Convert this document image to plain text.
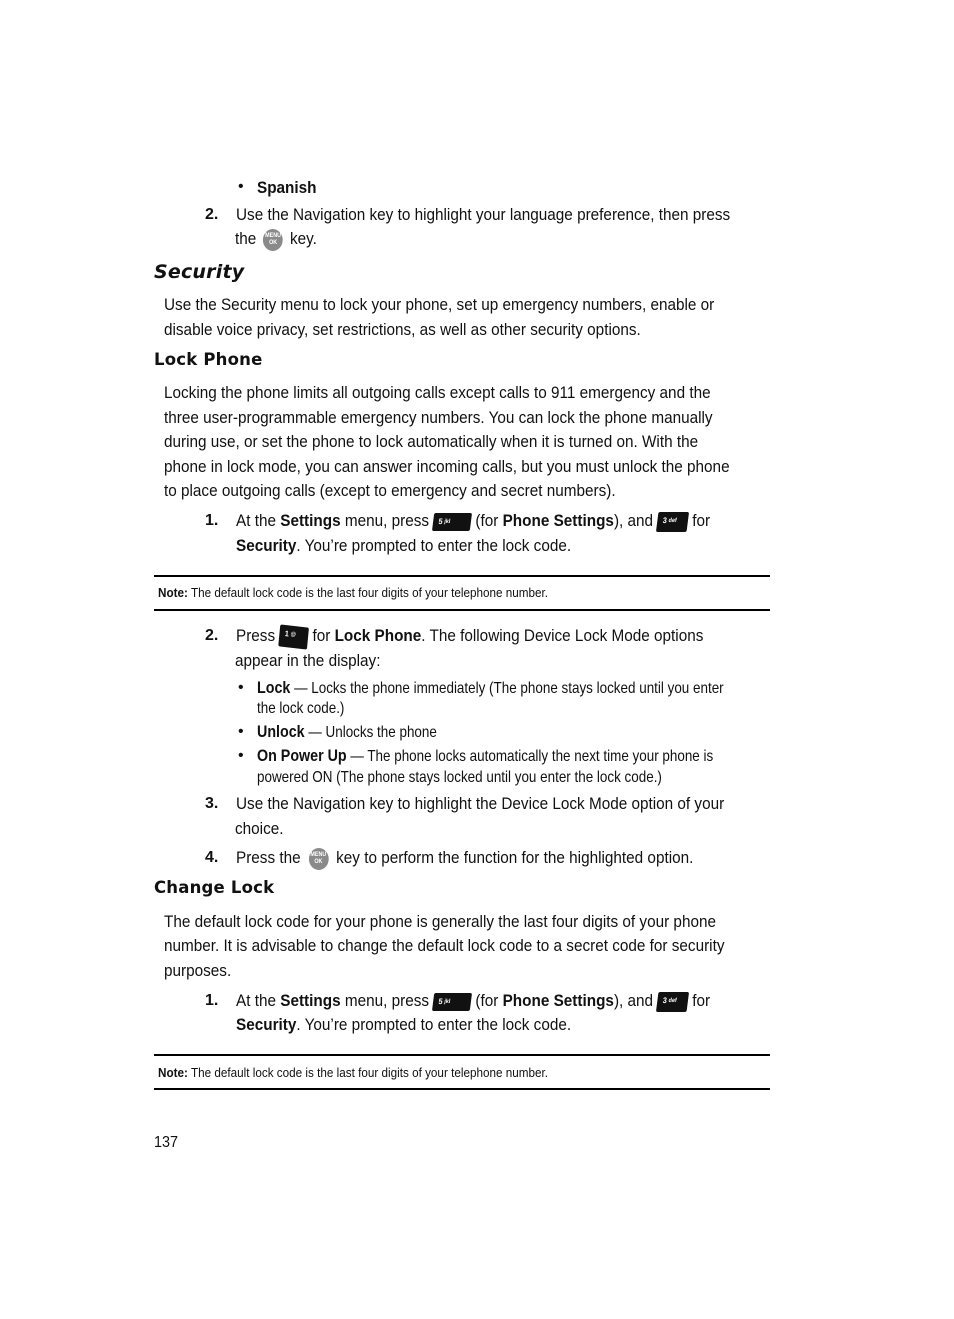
• Spanish
2. Use the Navigation key to highlight your language preference, then press
the	MENU
OK key.
Security
Use the Security menu to lock your phone, set up emergency numbers, enable or
disable voice privacy, set restrictions, as well as other security options.
Lock Phone
Locking the phone limits all outgoing calls except calls to 911 emergency and the
three user-programmable emergency numbers. You can lock the phone manually
during use, or set the phone to lock automatically when it is turned on. With the
phone in lock mode, you can answer incoming calls, but you must unlock the phone
to place outgoing calls (except to emergency and secret numbers).
1. At the Settings menu, press $5^{jkl}$ (for Phone Settings), and $3^{def}$ for
Security. You’re prompted to enter the lock code.
Note: The default lock code is the last four digits of your telephone number.
2. Press 1@ for Lock Phone. The following Device Lock Mode options
appear in the display:
• Lock — Locks the phone immediately (The phone stays locked until you enter
the lock code.)
• Unlock — Unlocks the phone
• On Power Up — The phone locks automatically the next time your phone is
powered ON (The phone stays locked until you enter the lock code.)
3. Use the Navigation key to highlight the Device Lock Mode option of your
choice.
4. Press the	MENU
OK key to perform the function for the highlighted option.
Change Lock
The default lock code for your phone is generally the last four digits of your phone
number. It is advisable to change the default lock code to a secret code for security
purposes.
1. At the Settings menu, press $5^{jkl}$ (for Phone Settings), and $3^{def}$ for
Security. You’re prompted to enter the lock code.
Note: The default lock code is the last four digits of your telephone number.
137
